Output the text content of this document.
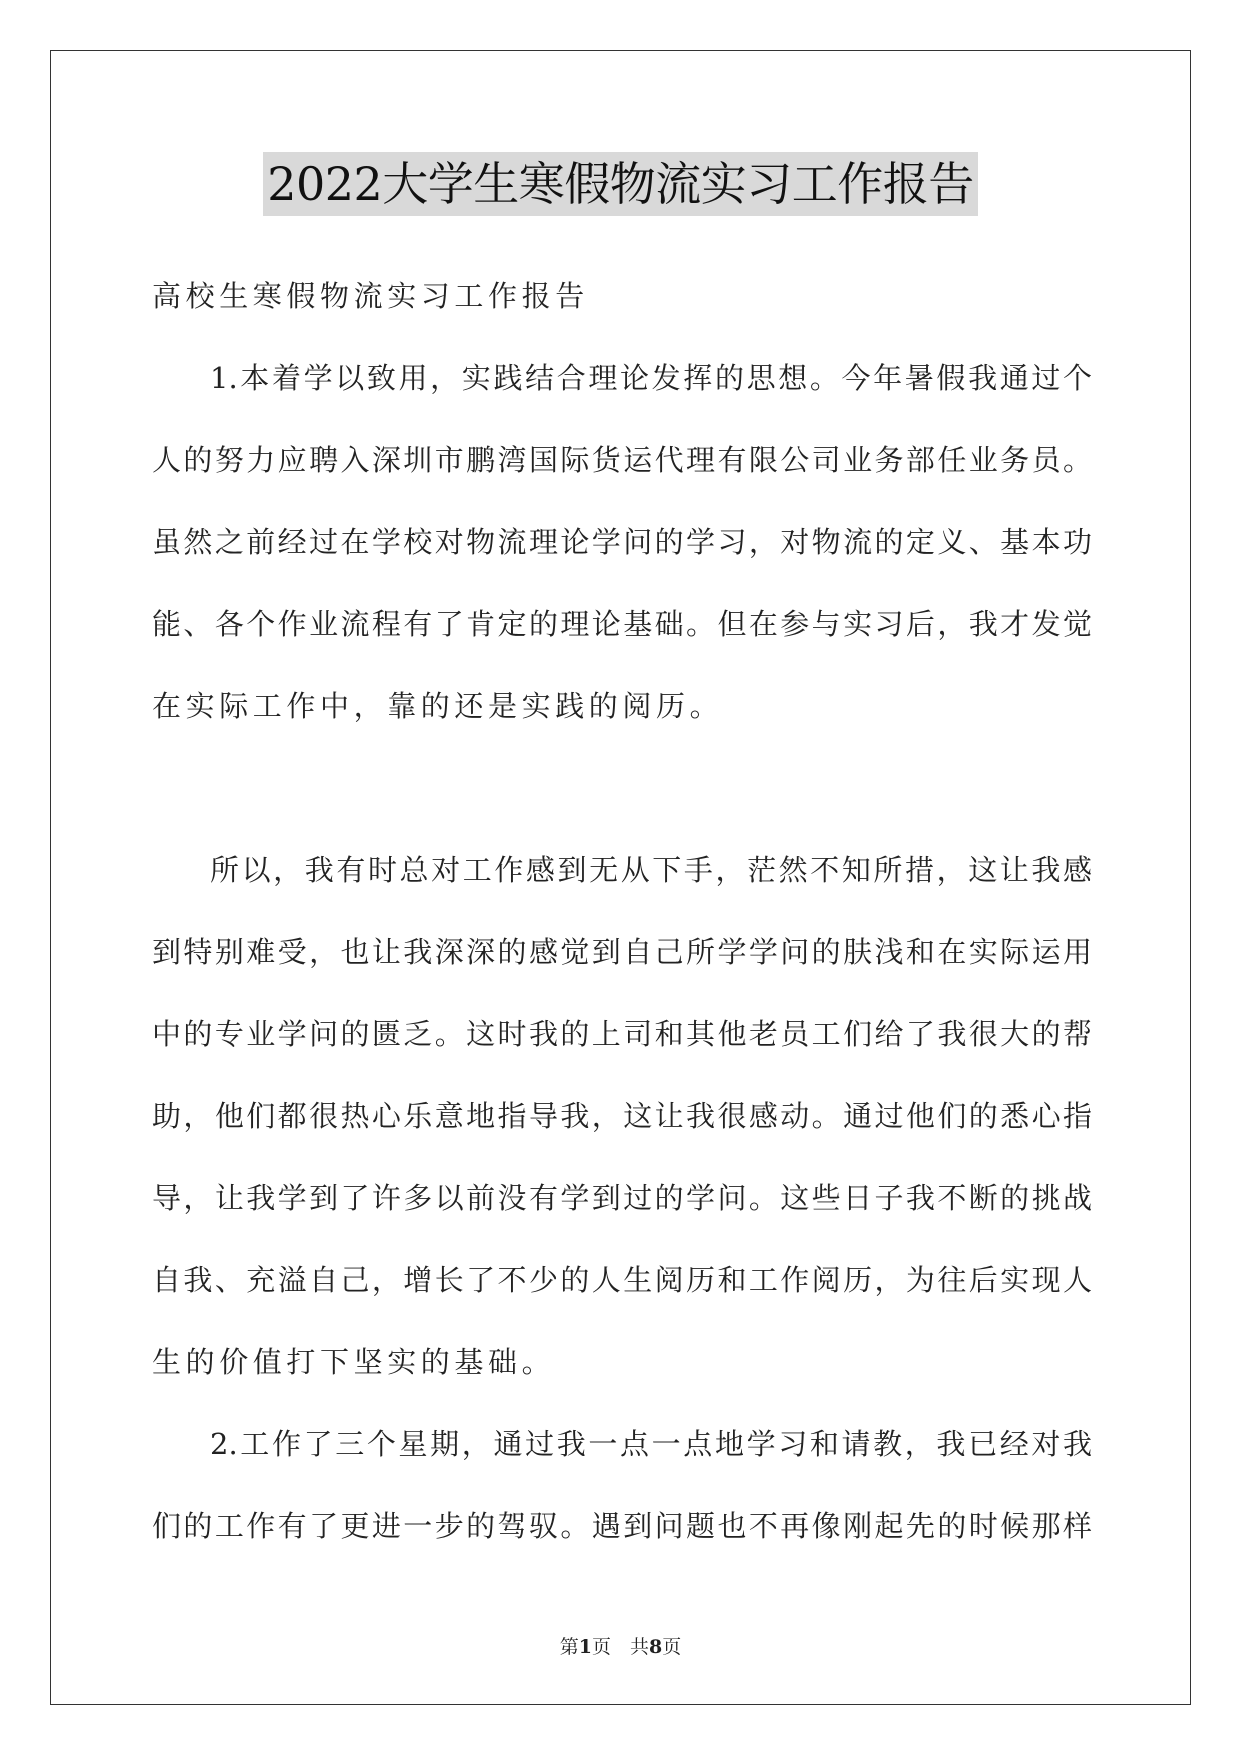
2022大学生寒假物流实习工作报告
高校生寒假物流实习工作报告
1.本着学以致用，实践结合理论发挥的思想。今年暑假我通过个
人的努力应聘入深圳市鹏湾国际货运代理有限公司业务部任业务员。
虽然之前经过在学校对物流理论学问的学习，对物流的定义、基本功
能、各个作业流程有了肯定的理论基础。但在参与实习后，我才发觉
在实际工作中，靠的还是实践的阅历。
所以，我有时总对工作感到无从下手，茫然不知所措，这让我感
到特别难受，也让我深深的感觉到自己所学学问的肤浅和在实际运用
中的专业学问的匮乏。这时我的上司和其他老员工们给了我很大的帮
助，他们都很热心乐意地指导我，这让我很感动。通过他们的悉心指
导，让我学到了许多以前没有学到过的学问。这些日子我不断的挑战
自我、充溢自己，增长了不少的人生阅历和工作阅历，为往后实现人
生的价值打下坚实的基础。
2.工作了三个星期，通过我一点一点地学习和请教，我已经对我
们的工作有了更进一步的驾驭。遇到问题也不再像刚起先的时候那样
第1页　共8页
